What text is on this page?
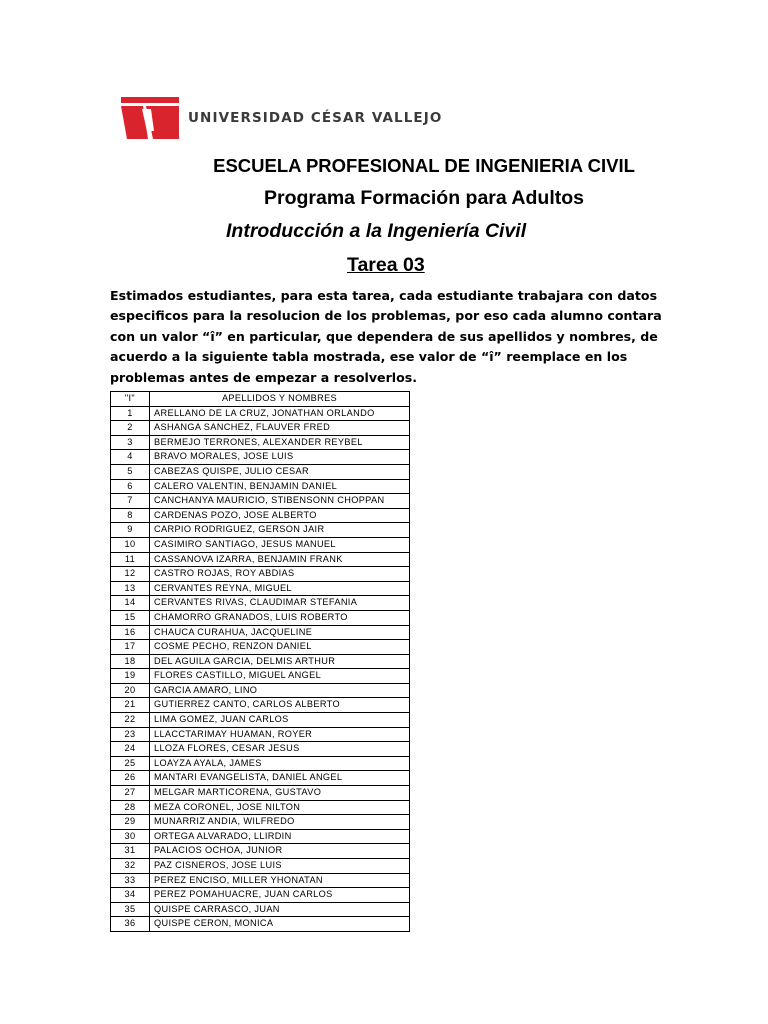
UNIVERSIDAD CÉSAR VALLEJO
ESCUELA PROFESIONAL DE INGENIERIA CIVIL
Programa Formación para Adultos
Introducción a la Ingeniería Civil
Tarea 03
Estimados estudiantes, para esta tarea, cada estudiante trabajara con datos especificos para la resolucion de los problemas, por eso cada alumno contara con un valor “î” en particular, que dependera de sus apellidos y nombres, de acuerdo a la siguiente tabla mostrada, ese valor de “î” reemplace en los problemas antes de empezar a resolverlos.
"I"	APELLIDOS Y NOMBRES
1	ARELLANO DE LA CRUZ, JONATHAN ORLANDO
2	ASHANGA SANCHEZ, FLAUVER FRED
3	BERMEJO TERRONES, ALEXANDER REYBEL
4	BRAVO MORALES, JOSE LUIS
5	CABEZAS QUISPE, JULIO CESAR
6	CALERO VALENTIN, BENJAMIN DANIEL
7	CANCHANYA MAURICIO, STIBENSONN CHOPPAN
8	CARDENAS POZO, JOSE ALBERTO
9	CARPIO RODRIGUEZ, GERSON JAIR
10	CASIMIRO SANTIAGO, JESUS MANUEL
11	CASSANOVA IZARRA, BENJAMIN FRANK
12	CASTRO ROJAS, ROY ABDIAS
13	CERVANTES REYNA, MIGUEL
14	CERVANTES RIVAS, CLAUDIMAR STEFANIA
15	CHAMORRO GRANADOS, LUIS ROBERTO
16	CHAUCA CURAHUA, JACQUELINE
17	COSME PECHO, RENZON DANIEL
18	DEL AGUILA GARCIA, DELMIS ARTHUR
19	FLORES CASTILLO, MIGUEL ANGEL
20	GARCIA AMARO, LINO
21	GUTIERREZ CANTO, CARLOS ALBERTO
22	LIMA GOMEZ, JUAN CARLOS
23	LLACCTARIMAY HUAMAN, ROYER
24	LLOZA FLORES, CESAR JESUS
25	LOAYZA AYALA, JAMES
26	MANTARI EVANGELISTA, DANIEL ANGEL
27	MELGAR MARTICORENA, GUSTAVO
28	MEZA CORONEL, JOSE NILTON
29	MUNARRIZ ANDIA, WILFREDO
30	ORTEGA ALVARADO, LLIRDIN
31	PALACIOS OCHOA, JUNIOR
32	PAZ CISNEROS, JOSE LUIS
33	PEREZ ENCISO, MILLER YHONATAN
34	PEREZ POMAHUACRE, JUAN CARLOS
35	QUISPE CARRASCO, JUAN
36	QUISPE CERON, MONICA
